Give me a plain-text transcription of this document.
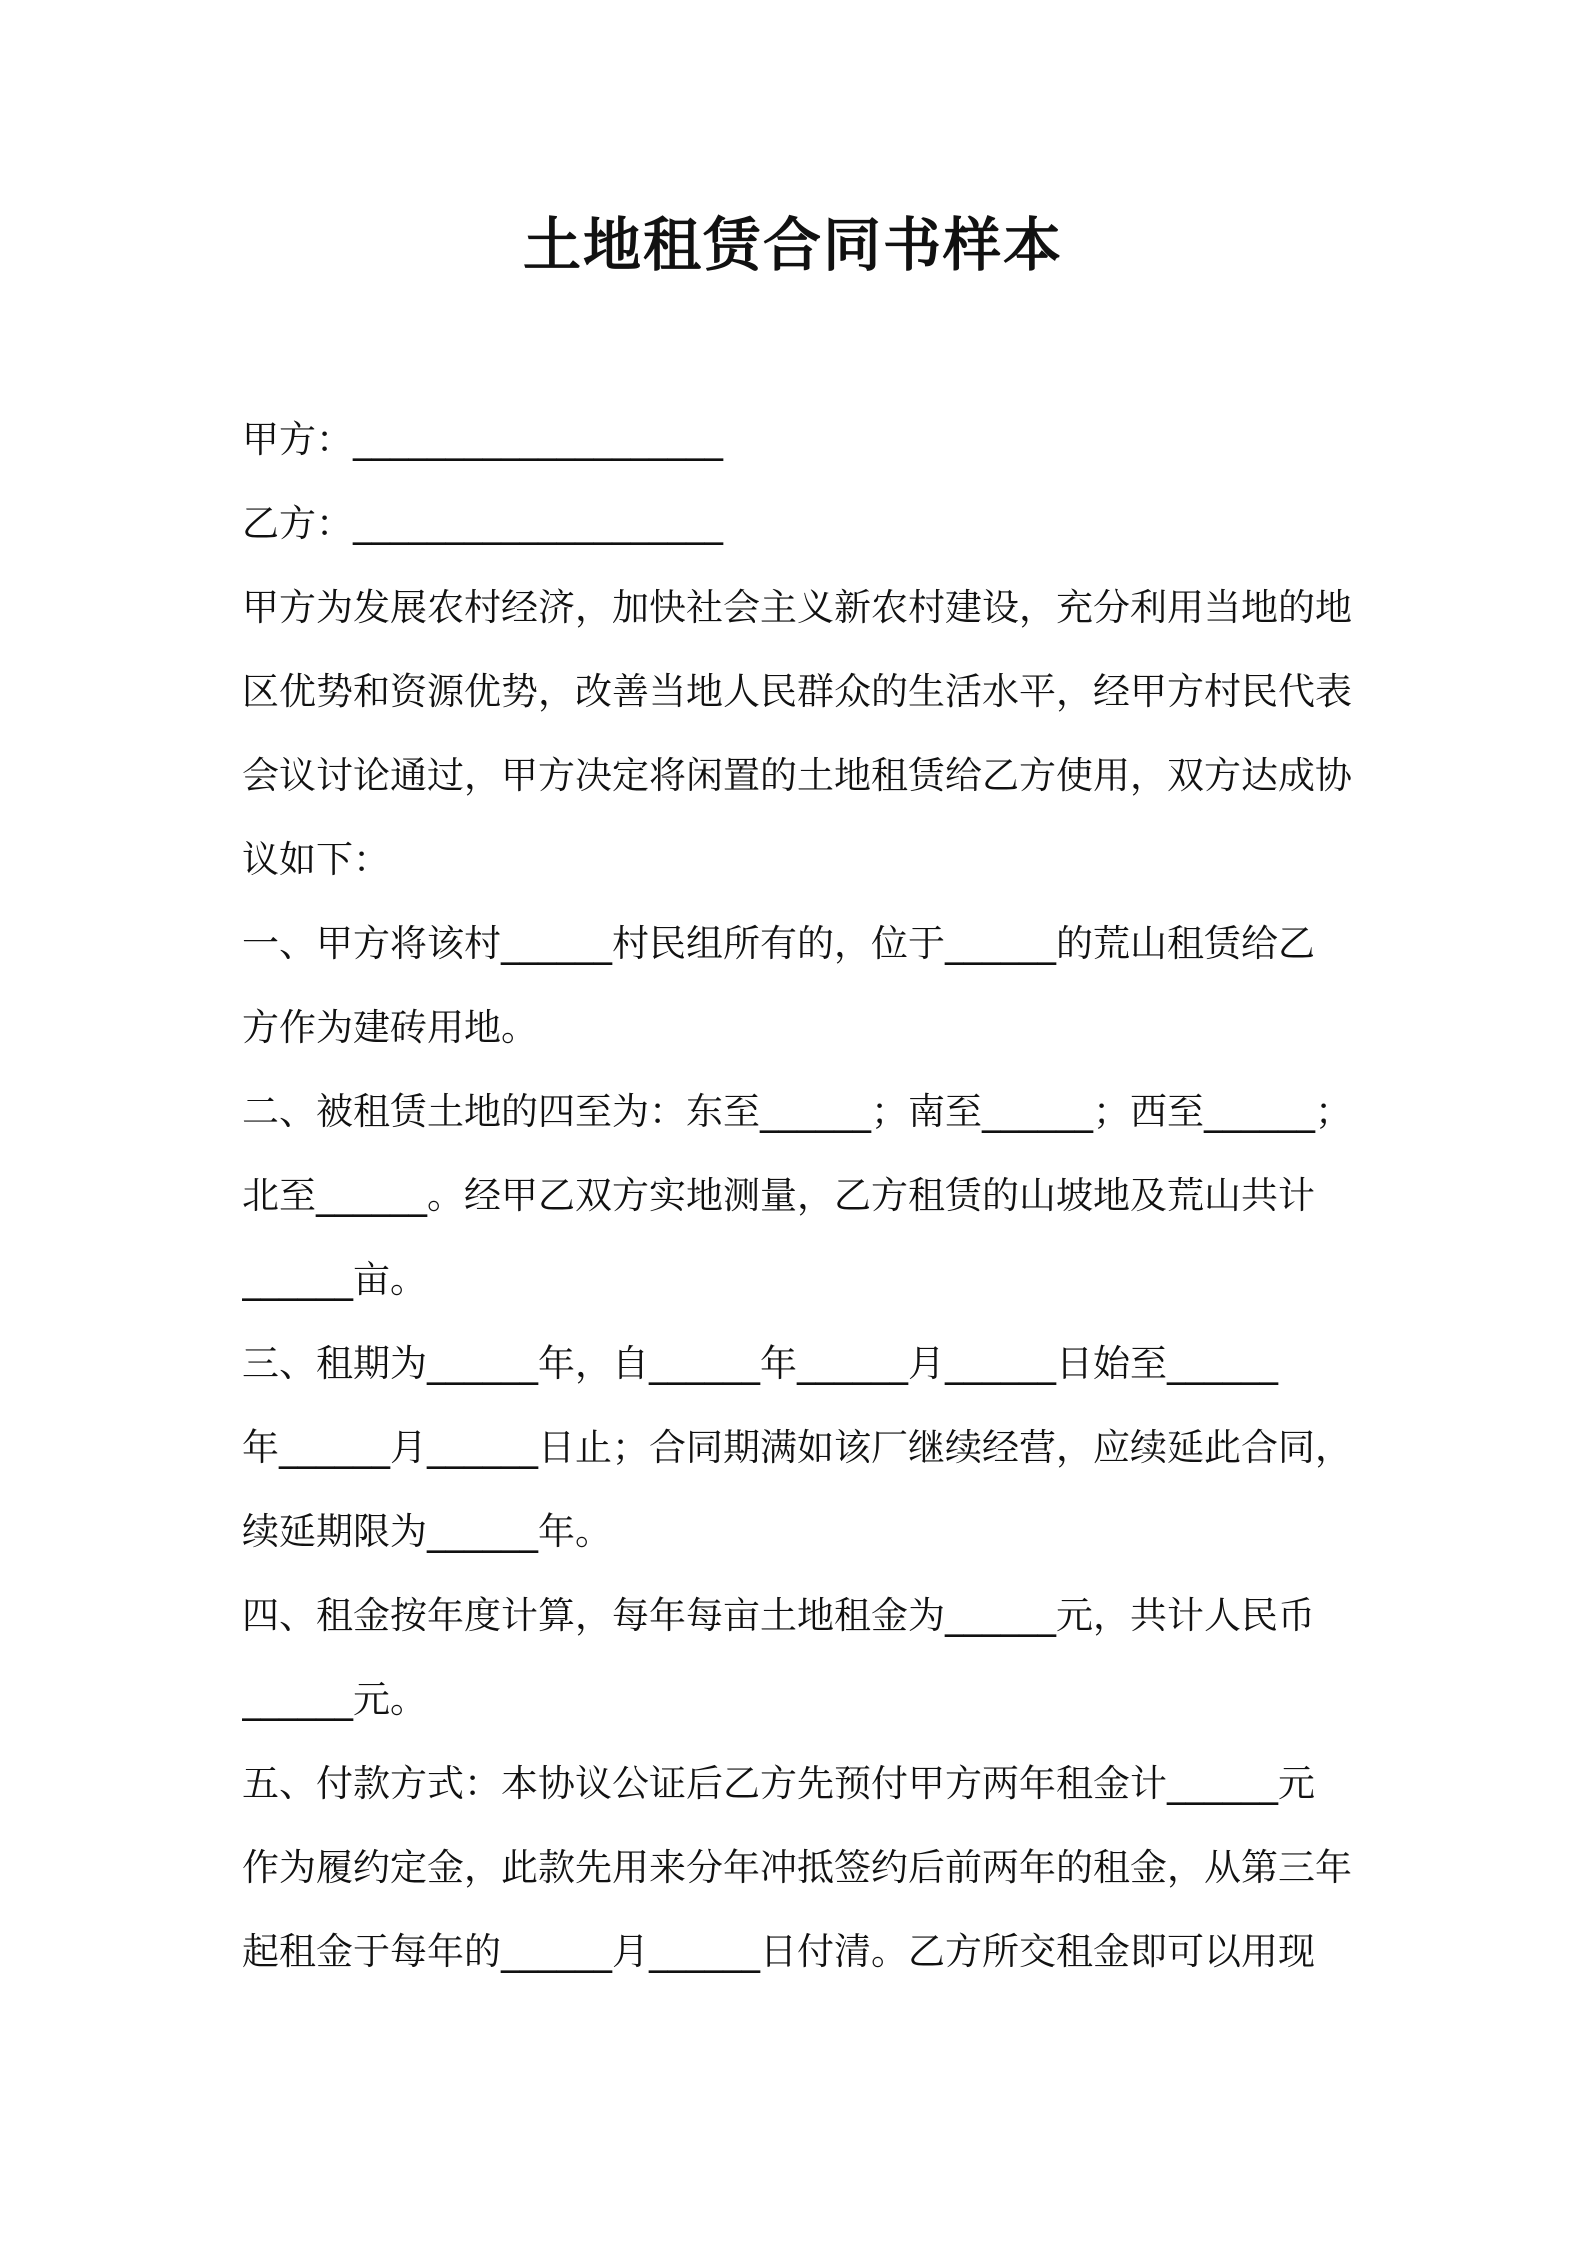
土地租赁合同书样本
甲方：____________________
乙方：____________________
甲方为发展农村经济，加快社会主义新农村建设，充分利用当地的地
区优势和资源优势，改善当地人民群众的生活水平，经甲方村民代表
会议讨论通过，甲方决定将闲置的土地租赁给乙方使用，双方达成协
议如下：
一、甲方将该村______村民组所有的，位于______的荒山租赁给乙
方作为建砖用地。
二、被租赁土地的四至为：东至______；南至______；西至______；
北至______。经甲乙双方实地测量，乙方租赁的山坡地及荒山共计
______亩。
三、租期为______年，自______年______月______日始至______
年______月______日止；合同期满如该厂继续经营，应续延此合同，
续延期限为______年。
四、租金按年度计算，每年每亩土地租金为______元，共计人民币
______元。
五、付款方式：本协议公证后乙方先预付甲方两年租金计______元
作为履约定金，此款先用来分年冲抵签约后前两年的租金，从第三年
起租金于每年的______月______日付清。乙方所交租金即可以用现
